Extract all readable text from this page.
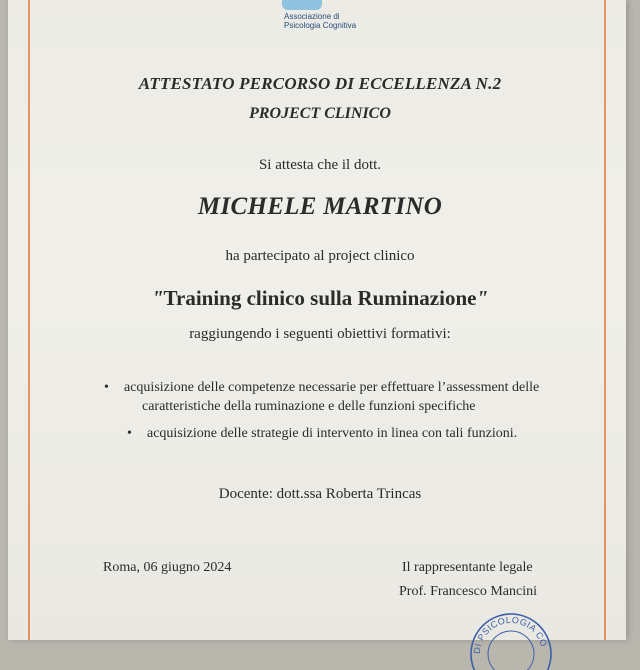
Associazione di
Psicologia Cognitiva
ATTESTATO PERCORSO DI ECCELLENZA N.2
PROJECT CLINICO
Si attesta che il dott.
MICHELE MARTINO
ha partecipato al project clinico
"Training clinico sulla Ruminazione"
raggiungendo i seguenti obiettivi formativi:
• acquisizione delle competenze necessarie per effettuare l’assessment delle
caratteristiche della ruminazione e delle funzioni specifiche
• acquisizione delle strategie di intervento in linea con tali funzioni.
Docente: dott.ssa Roberta Trincas
Roma, 06 giugno 2024	Il rappresentante legale
Prof. Francesco Mancini
DI PSICOLOGIA CO
